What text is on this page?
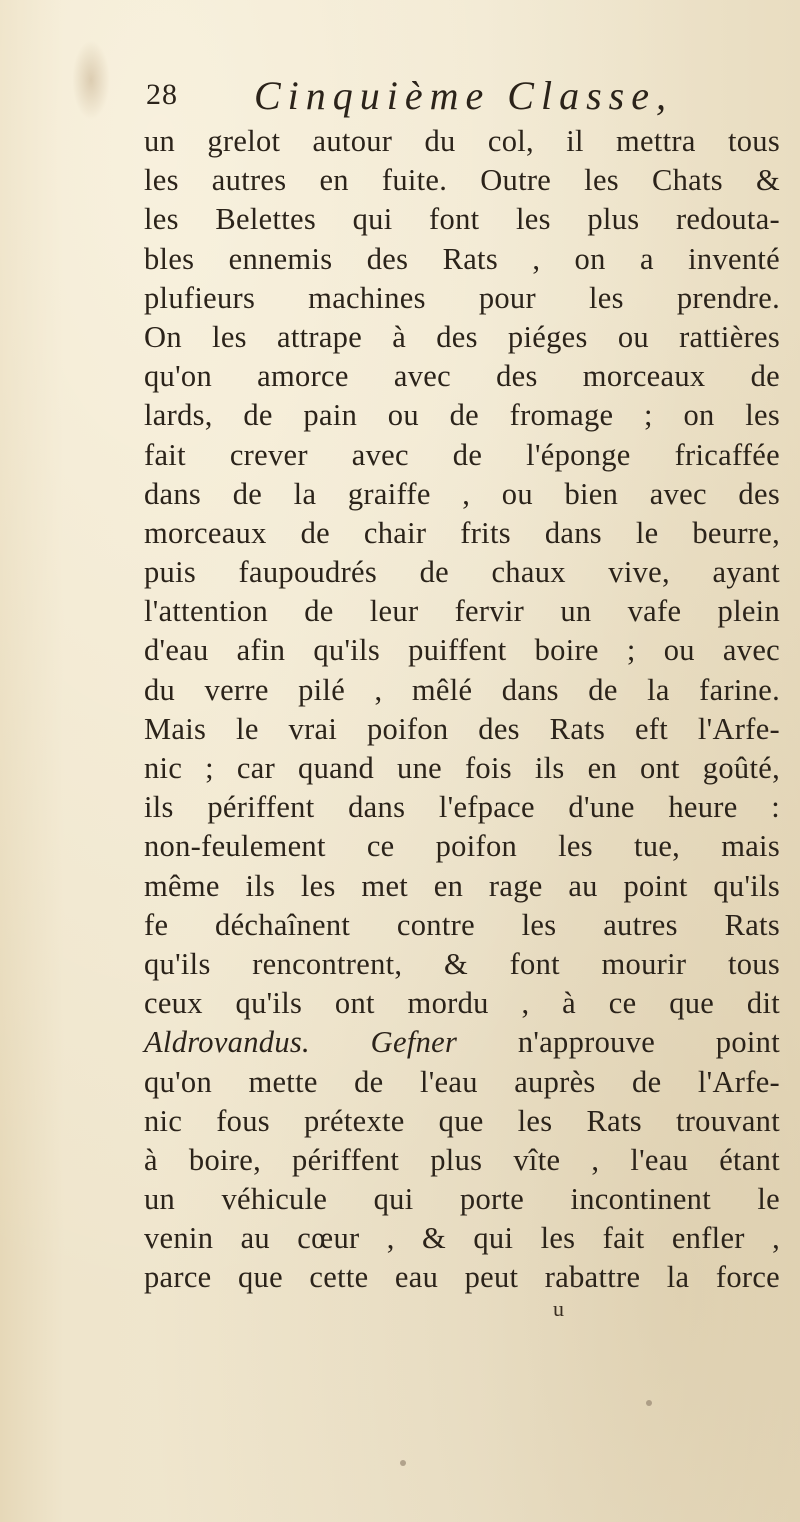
28 Cinquième Classe,
un grelot autour du col, il mettra tous
les autres en fuite. Outre les Chats &
les Belettes qui font les plus redouta-
bles ennemis des Rats , on a inventé
plufieurs machines pour les prendre.
On les attrape à des piéges ou rattières
qu'on amorce avec des morceaux de
lards, de pain ou de fromage ; on les
fait crever avec de l'éponge fricaffée
dans de la graiffe , ou bien avec des
morceaux de chair frits dans le beurre,
puis faupoudrés de chaux vive, ayant
l'attention de leur fervir un vafe plein
d'eau afin qu'ils puiffent boire ; ou avec
du verre pilé , mêlé dans de la farine.
Mais le vrai poifon des Rats eft l'Arfe-
nic ; car quand une fois ils en ont goûté,
ils périffent dans l'efpace d'une heure :
non-feulement ce poifon les tue, mais
même ils les met en rage au point qu'ils
fe déchaînent contre les autres Rats
qu'ils rencontrent, & font mourir tous
ceux qu'ils ont mordu , à ce que dit
Aldrovandus. Gefner n'approuve point
qu'on mette de l'eau auprès de l'Arfe-
nic fous prétexte que les Rats trouvant
à boire, périffent plus vîte , l'eau étant
un véhicule qui porte incontinent le
venin au cœur , & qui les fait enfler ,
parce que cette eau peut rabattre la force
u
